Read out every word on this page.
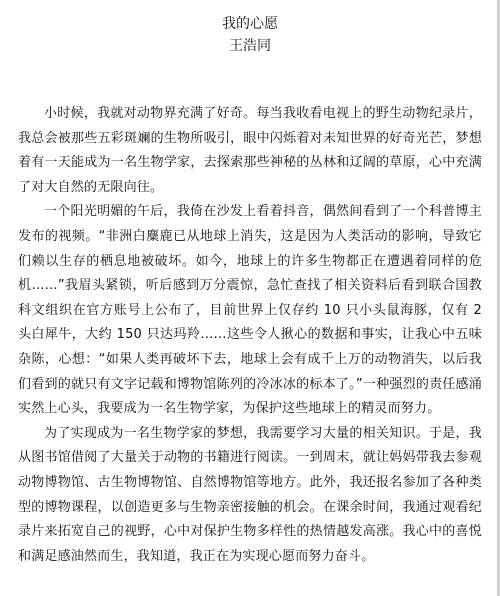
我的心愿

王浩同

小时候，我就对动物界充满了好奇。每当我收看电视上的野生动物纪录片，我总会被那些五彩斑斓的生物所吸引，眼中闪烁着对未知世界的好奇光芒，梦想着有一天能成为一名生物学家，去探索那些神秘的丛林和辽阔的草原，心中充满了对大自然的无限向往。

一个阳光明媚的午后，我倚在沙发上看着抖音，偶然间看到了一个科普博主发布的视频。“非洲白麋鹿已从地球上消失，这是因为人类活动的影响，导致它们赖以生存的栖息地被破坏。如今，地球上的许多生物都正在遭遇着同样的危机……”我眉头紧锁，听后感到万分震惊，急忙查找了相关资料后看到联合国教科文组织在官方账号上公布了，目前世界上仅存约 10 只小头鼠海豚，仅有 2 头白犀牛，大约 150 只达玛羚……这些令人揪心的数据和事实，让我心中五味杂陈，心想：“如果人类再破坏下去，地球上会有成千上万的动物消失，以后我们看到的就只有文字记载和博物馆陈列的冷冰冰的标本了。”一种强烈的责任感涌实然上心头，我要成为一名生物学家，为保护这些地球上的精灵而努力。

为了实现成为一名生物学家的梦想，我需要学习大量的相关知识。于是，我从图书馆借阅了大量关于动物的书籍进行阅读。一到周末，就让妈妈带我去参观动物博物馆、古生物博物馆、自然博物馆等地方。此外，我还报名参加了各种类型的博物课程，以创造更多与生物亲密接触的机会。在课余时间，我通过观看纪录片来拓宽自己的视野，心中对保护生物多样性的热情越发高涨。我心中的喜悦和满足感油然而生，我知道，我正在为实现心愿而努力奋斗。
